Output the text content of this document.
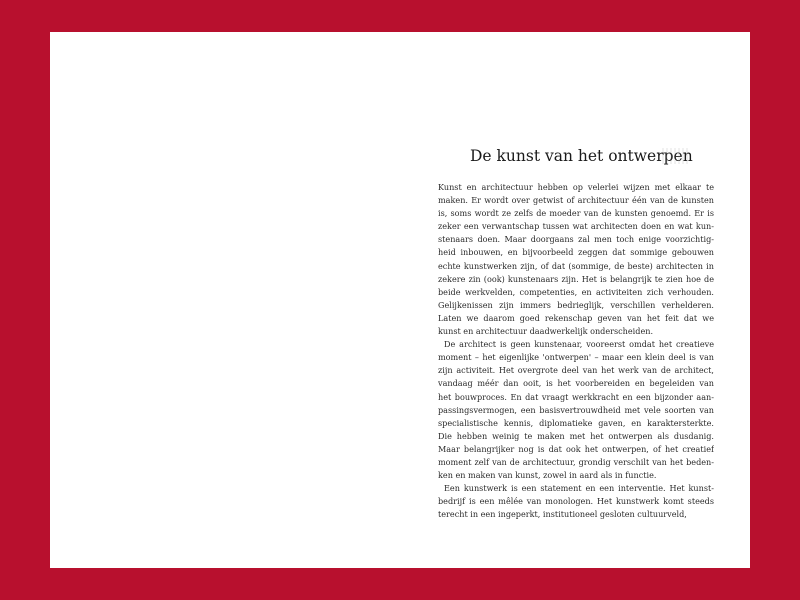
De kunst van het ontwerpen
Kunst en architectuur hebben op velerlei wijzen met elkaar te
maken. Er wordt over getwist of architectuur één van de kunsten
is, soms wordt ze zelfs de moeder van de kunsten genoemd. Er is
zeker een verwantschap tussen wat architecten doen en wat kun-
stenaars doen. Maar doorgaans zal men toch enige voorzichtig-
heid inbouwen, en bijvoorbeeld zeggen dat sommige gebouwen
echte kunstwerken zijn, of dat (sommige, de beste) architecten in
zekere zin (ook) kunstenaars zijn. Het is belangrijk te zien hoe de
beide werkvelden, competenties, en activiteiten zich verhouden.
Gelijkenissen zijn immers bedrieglijk, verschillen verhelderen.
Laten we daarom goed rekenschap geven van het feit dat we
kunst en architectuur daadwerkelijk onderscheiden.
De architect is geen kunstenaar, vooreerst omdat het creatieve
moment – het eigenlijke 'ontwerpen' – maar een klein deel is van
zijn activiteit. Het overgrote deel van het werk van de architect,
vandaag méér dan ooit, is het voorbereiden en begeleiden van
het bouwproces. En dat vraagt werkkracht en een bijzonder aan-
passingsvermogen, een basisvertrouwdheid met vele soorten van
specialistische kennis, diplomatieke gaven, en karaktersterkte.
Die hebben weinig te maken met het ontwerpen als dusdanig.
Maar belangrijker nog is dat ook het ontwerpen, of het creatief
moment zelf van de architectuur, grondig verschilt van het beden-
ken en maken van kunst, zowel in aard als in functie.
Een kunstwerk is een statement en een interventie. Het kunst-
bedrijf is een mêlée van monologen. Het kunstwerk komt steeds
terecht in een ingeperkt, institutioneel gesloten cultuurveld,
